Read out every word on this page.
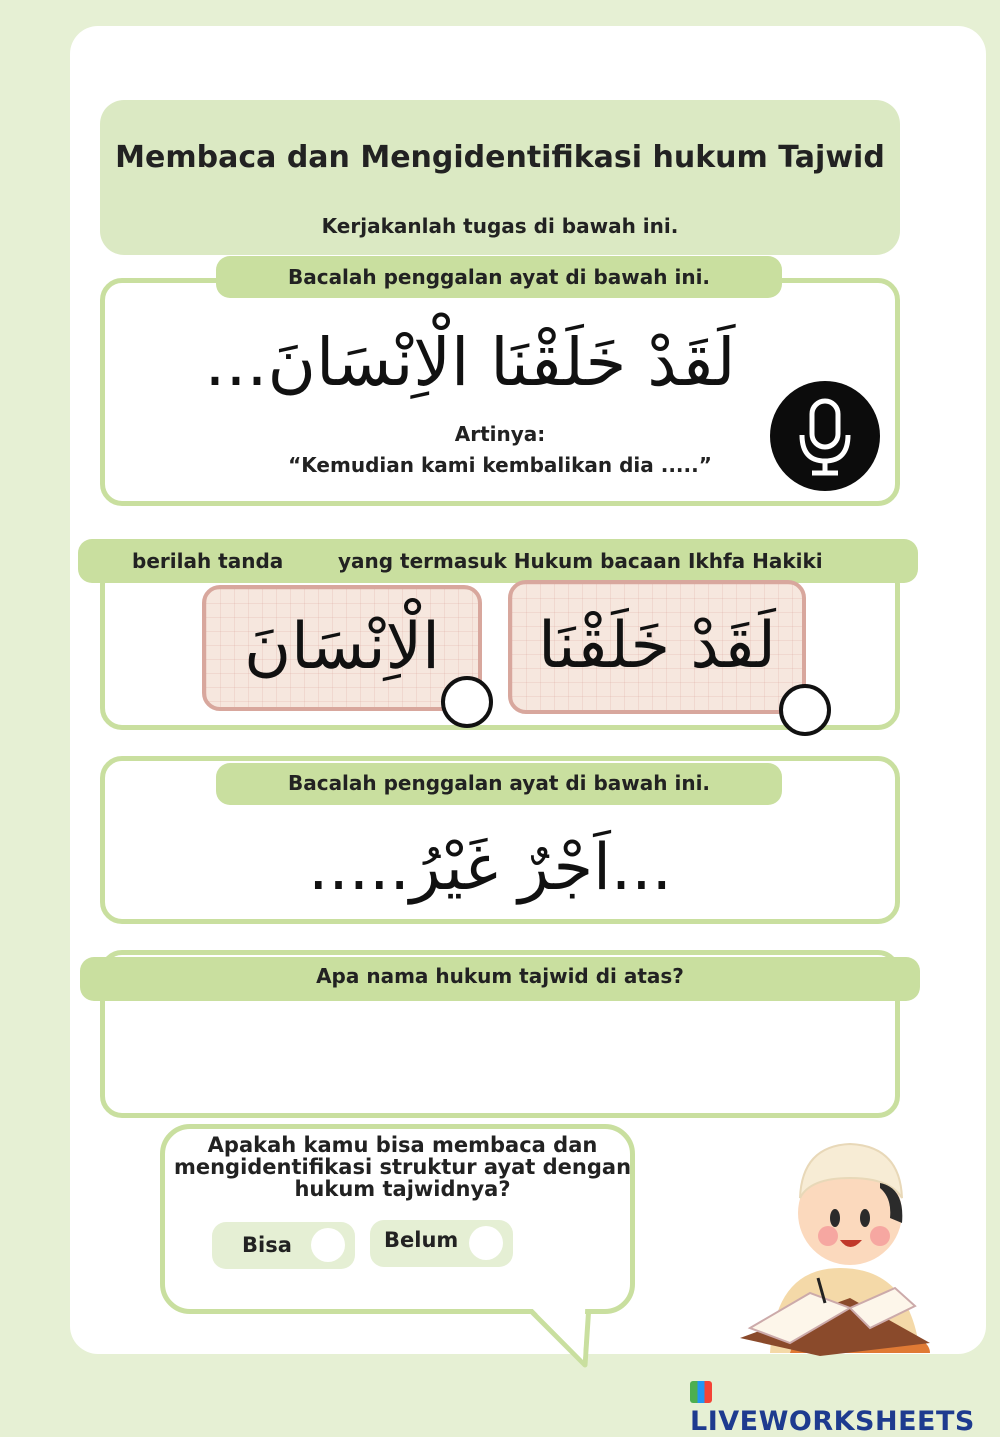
Membaca dan Mengidentifikasi hukum Tajwid
Kerjakanlah tugas di bawah ini.
Bacalah penggalan ayat di bawah ini.
لَقَدْ خَلَقْنَا الْاِنْسَانَ...
Artinya:
“Kemudian kami kembalikan dia .....”
berilah tanda	yang termasuk Hukum bacaan Ikhfa Hakiki
الْاِنْسَانَ	لَقَدْ خَلَقْنَا
Bacalah penggalan ayat di bawah ini.
...اَجْرٌ غَيْرُ.....
Apa nama hukum tajwid di atas?
Apakah kamu bisa membaca dan mengidentifikasi struktur ayat dengan hukum tajwidnya?
Bisa	Belum
LIVEWORKSHEETS
